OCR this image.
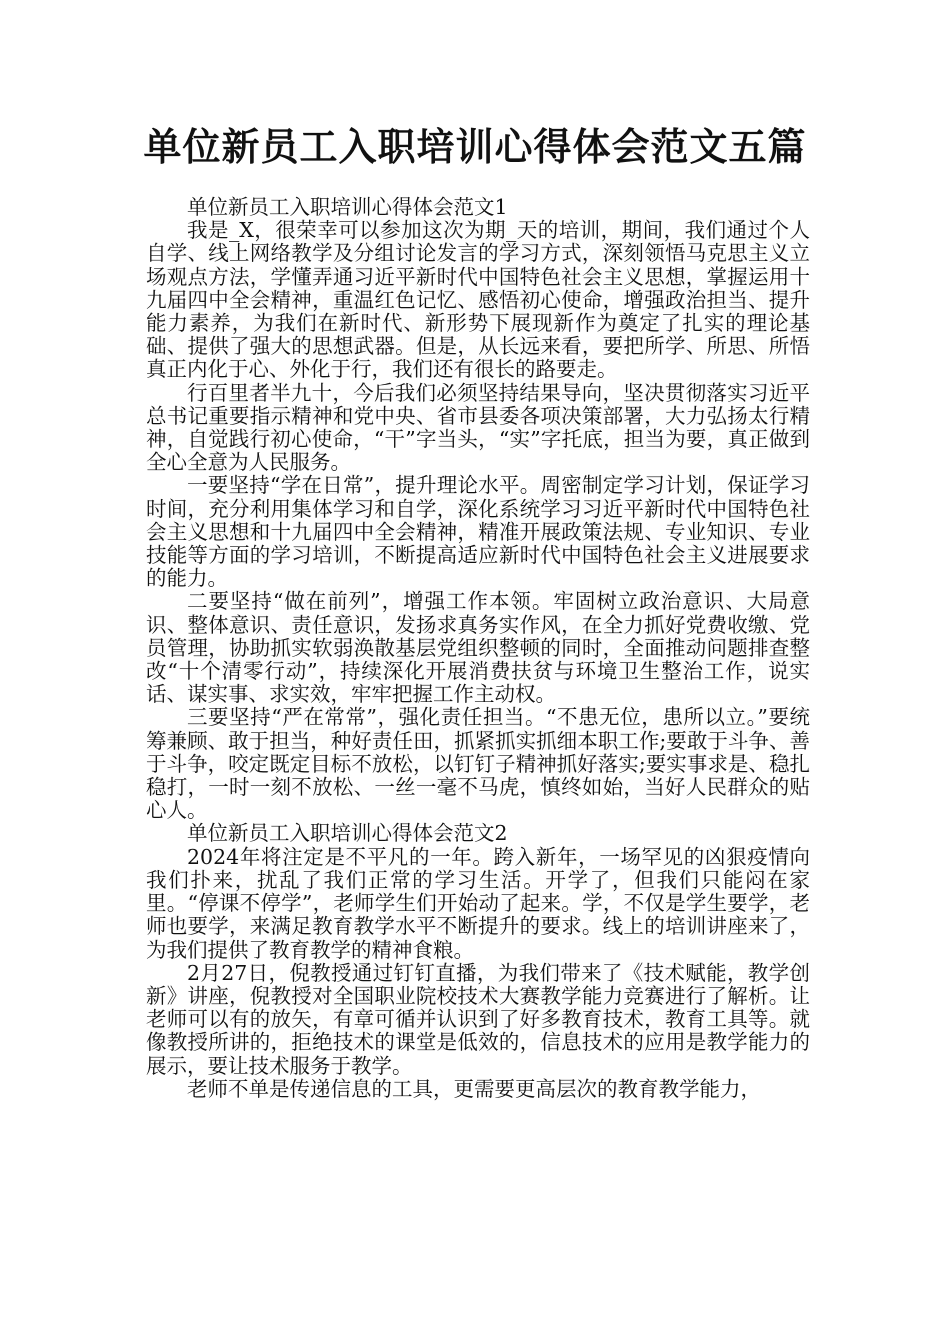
单位新员工入职培训心得体会范文五篇

单位新员工入职培训心得体会范文1

我是_X，很荣幸可以参加这次为期_天的培训，期间，我们通过个人自学、线上网络教学及分组讨论发言的学习方式，深刻领悟马克思主义立场观点方法，学懂弄通习近平新时代中国特色社会主义思想，掌握运用十九届四中全会精神，重温红色记忆、感悟初心使命，增强政治担当、提升能力素养，为我们在新时代、新形势下展现新作为奠定了扎实的理论基础、提供了强大的思想武器。但是，从长远来看，要把所学、所思、所悟真正内化于心、外化于行，我们还有很长的路要走。

行百里者半九十，今后我们必须坚持结果导向，坚决贯彻落实习近平总书记重要指示精神和党中央、省市县委各项决策部署，大力弘扬太行精神，自觉践行初心使命，“干”字当头，“实”字托底，担当为要，真正做到全心全意为人民服务。

一要坚持“学在日常”，提升理论水平。周密制定学习计划，保证学习时间，充分利用集体学习和自学，深化系统学习习近平新时代中国特色社会主义思想和十九届四中全会精神，精准开展政策法规、专业知识、专业技能等方面的学习培训，不断提高适应新时代中国特色社会主义进展要求的能力。

二要坚持“做在前列”，增强工作本领。牢固树立政治意识、大局意识、整体意识、责任意识，发扬求真务实作风，在全力抓好党费收缴、党员管理，协助抓实软弱涣散基层党组织整顿的同时，全面推动问题排查整改“十个清零行动”，持续深化开展消费扶贫与环境卫生整治工作，说实话、谋实事、求实效，牢牢把握工作主动权。

三要坚持“严在常常”，强化责任担当。“不患无位，患所以立。”要统筹兼顾、敢于担当，种好责任田，抓紧抓实抓细本职工作;要敢于斗争、善于斗争，咬定既定目标不放松，以钉钉子精神抓好落实;要实事求是、稳扎稳打，一时一刻不放松、一丝一毫不马虎，慎终如始，当好人民群众的贴心人。

单位新员工入职培训心得体会范文2

2024年将注定是不平凡的一年。跨入新年，一场罕见的凶狠疫情向我们扑来，扰乱了我们正常的学习生活。开学了，但我们只能闷在家里。“停课不停学”，老师学生们开始动了起来。学，不仅是学生要学，老师也要学，来满足教育教学水平不断提升的要求。线上的培训讲座来了，为我们提供了教育教学的精神食粮。

2月27日，倪教授通过钉钉直播，为我们带来了《技术赋能，教学创新》讲座，倪教授对全国职业院校技术大赛教学能力竞赛进行了解析。让老师可以有的放矢，有章可循并认识到了好多教育技术，教育工具等。就像教授所讲的，拒绝技术的课堂是低效的，信息技术的应用是教学能力的展示，要让技术服务于教学。

老师不单是传递信息的工具，更需要更高层次的教育教学能力，
